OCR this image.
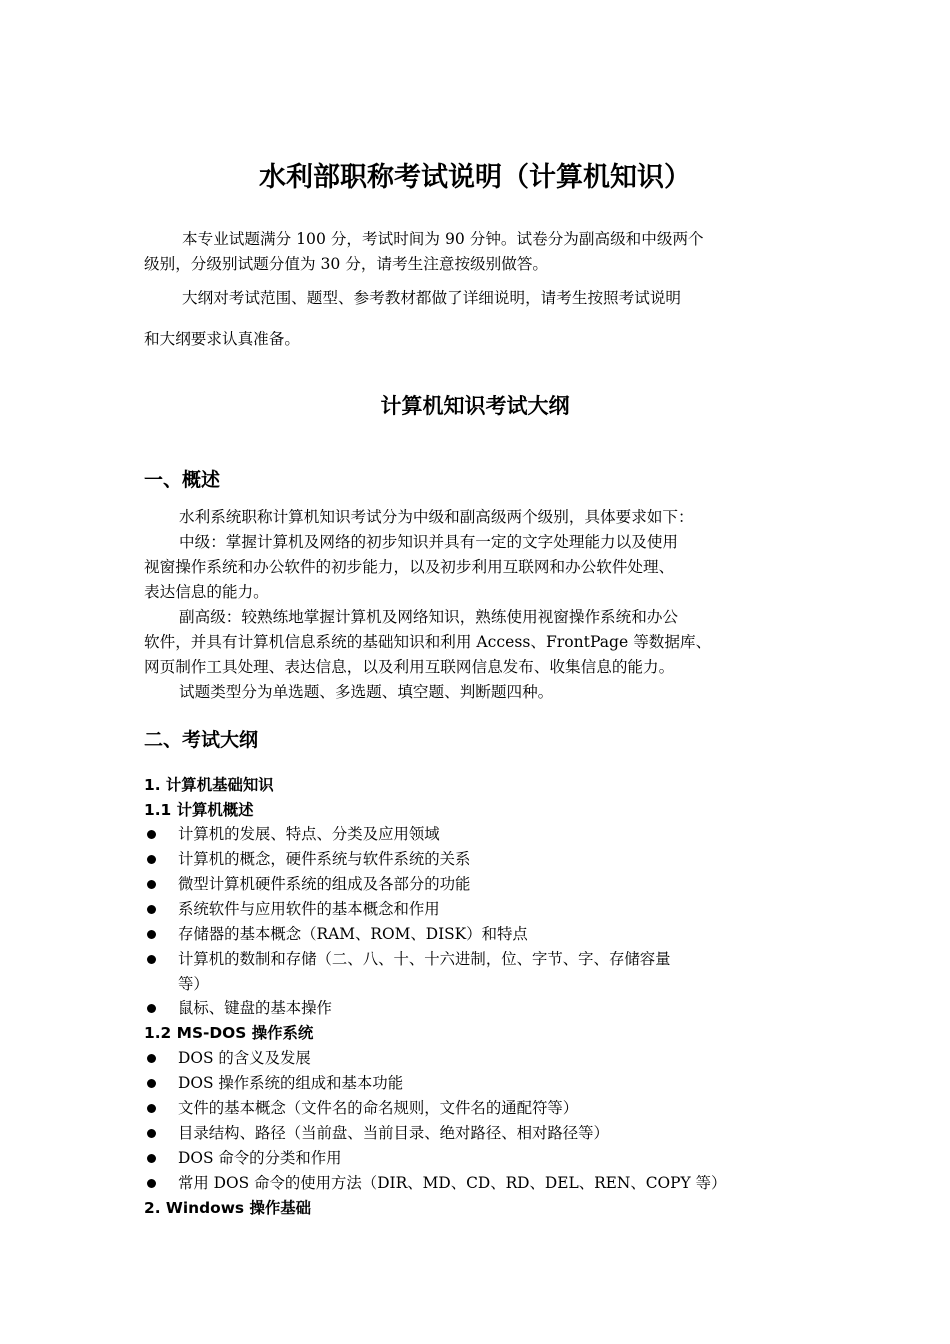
水利部职称考试说明（计算机知识）
本专业试题满分 100 分，考试时间为 90 分钟。试卷分为副高级和中级两个
级别，分级别试题分值为 30 分，请考生注意按级别做答。
大纲对考试范围、题型、参考教材都做了详细说明，请考生按照考试说明
和大纲要求认真准备。
计算机知识考试大纲
一、概述
水利系统职称计算机知识考试分为中级和副高级两个级别，具体要求如下：
中级：掌握计算机及网络的初步知识并具有一定的文字处理能力以及使用
视窗操作系统和办公软件的初步能力，以及初步利用互联网和办公软件处理、
表达信息的能力。
副高级：较熟练地掌握计算机及网络知识，熟练使用视窗操作系统和办公
软件，并具有计算机信息系统的基础知识和利用 Access、FrontPage 等数据库、
网页制作工具处理、表达信息，以及利用互联网信息发布、收集信息的能力。
试题类型分为单选题、多选题、填空题、判断题四种。
二、考试大纲
1. 计算机基础知识
1.1 计算机概述
计算机的发展、特点、分类及应用领域
计算机的概念，硬件系统与软件系统的关系
微型计算机硬件系统的组成及各部分的功能
系统软件与应用软件的基本概念和作用
存储器的基本概念（RAM、ROM、DISK）和特点
计算机的数制和存储（二、八、十、十六进制，位、字节、字、存储容量
等）
鼠标、键盘的基本操作
1.2 MS-DOS 操作系统
DOS 的含义及发展
DOS 操作系统的组成和基本功能
文件的基本概念（文件名的命名规则，文件名的通配符等）
目录结构、路径（当前盘、当前目录、绝对路径、相对路径等）
DOS 命令的分类和作用
常用 DOS 命令的使用方法（DIR、MD、CD、RD、DEL、REN、COPY 等）
2. Windows 操作基础
